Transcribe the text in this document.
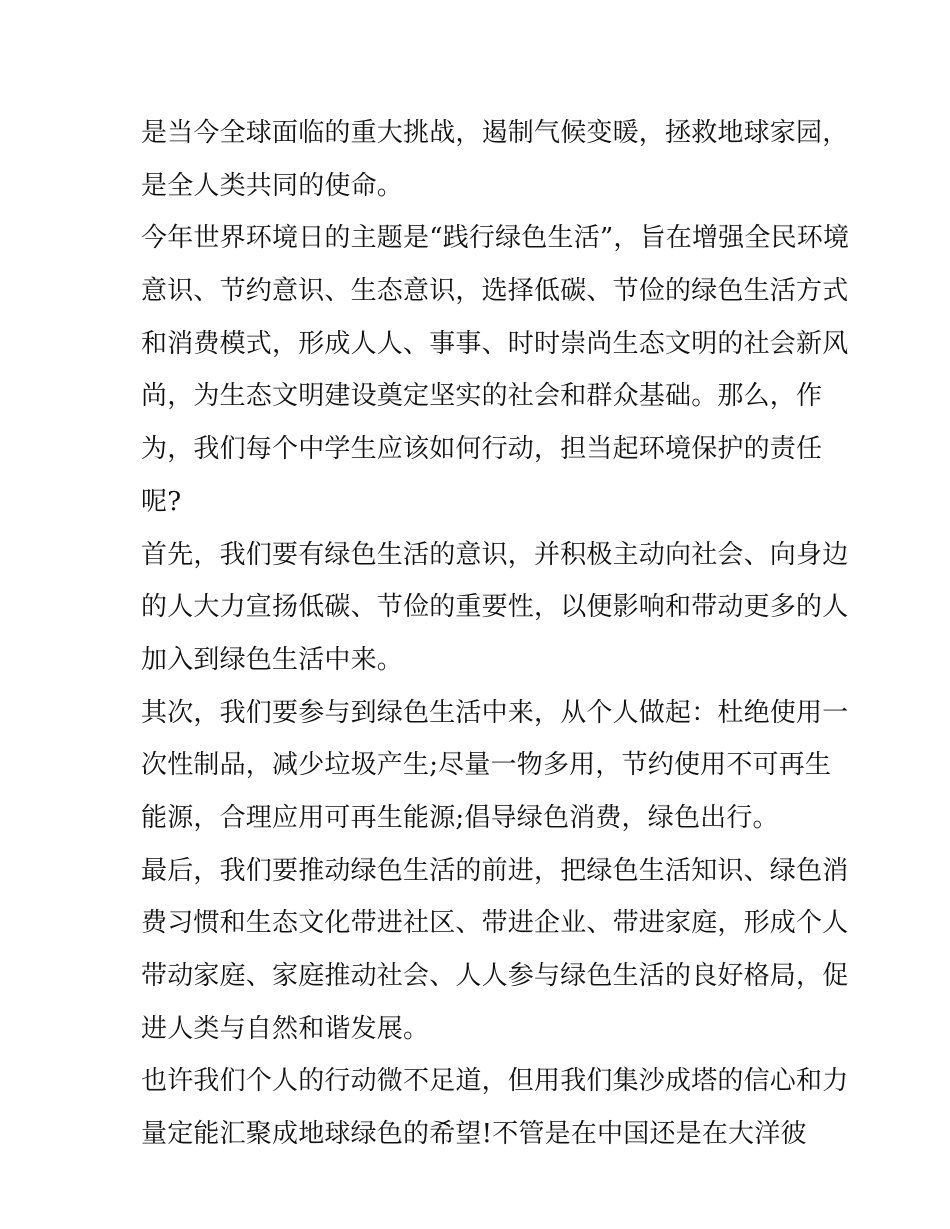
是当今全球面临的重大挑战，遏制气候变暖，拯救地球家园，
是全人类共同的使命。
今年世界环境日的主题是“践行绿色生活”，旨在增强全民环境
意识、节约意识、生态意识，选择低碳、节俭的绿色生活方式
和消费模式，形成人人、事事、时时崇尚生态文明的社会新风
尚，为生态文明建设奠定坚实的社会和群众基础。那么，作
为，我们每个中学生应该如何行动，担当起环境保护的责任
呢?
首先，我们要有绿色生活的意识，并积极主动向社会、向身边
的人大力宣扬低碳、节俭的重要性，以便影响和带动更多的人
加入到绿色生活中来。
其次，我们要参与到绿色生活中来，从个人做起：杜绝使用一
次性制品，减少垃圾产生;尽量一物多用，节约使用不可再生
能源，合理应用可再生能源;倡导绿色消费，绿色出行。
最后，我们要推动绿色生活的前进，把绿色生活知识、绿色消
费习惯和生态文化带进社区、带进企业、带进家庭，形成个人
带动家庭、家庭推动社会、人人参与绿色生活的良好格局，促
进人类与自然和谐发展。
也许我们个人的行动微不足道，但用我们集沙成塔的信心和力
量定能汇聚成地球绿色的希望!不管是在中国还是在大洋彼
